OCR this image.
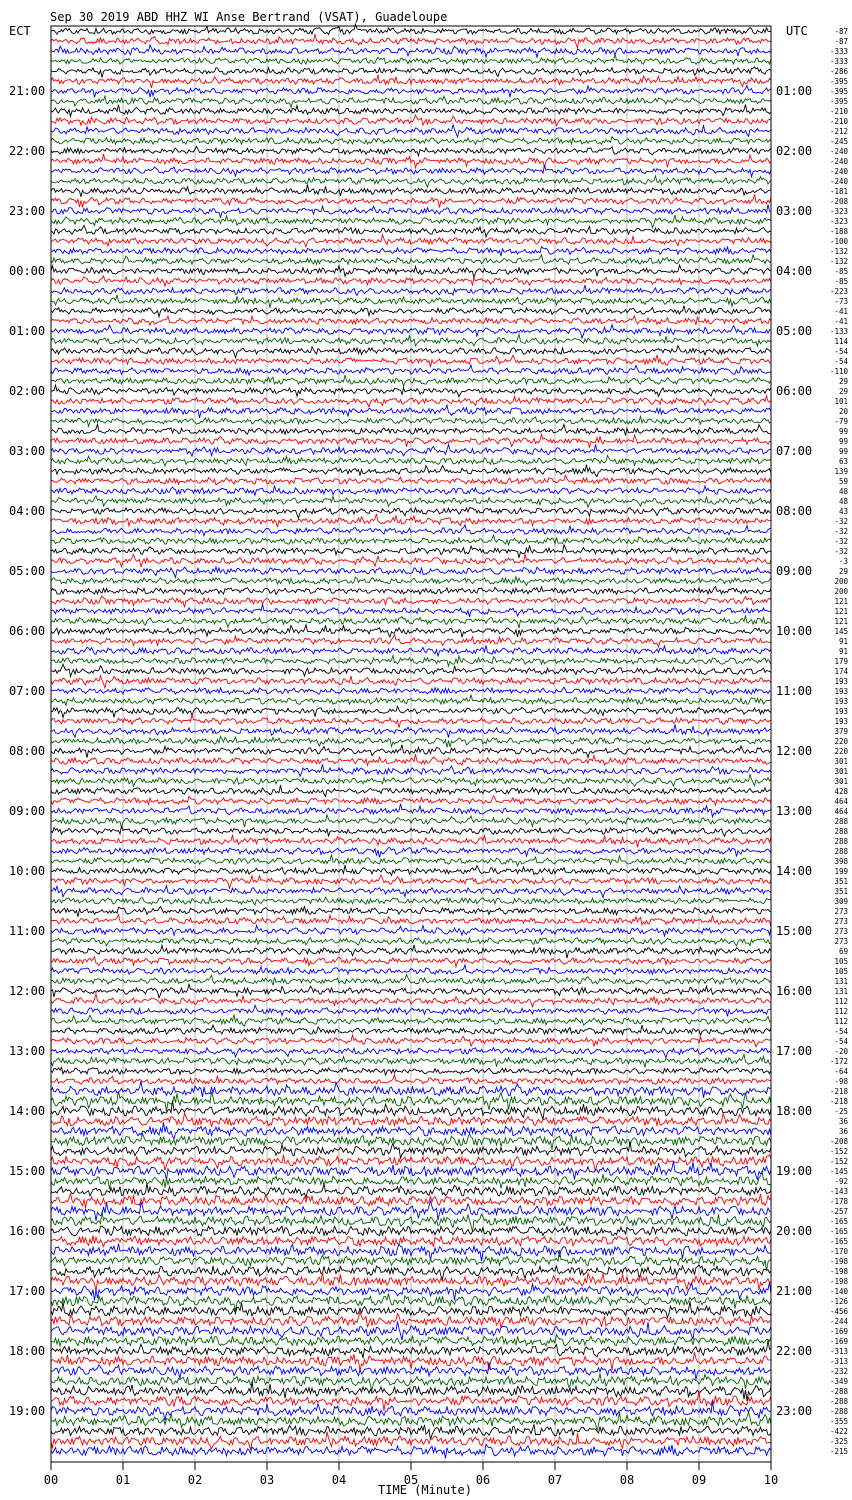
Sep 30 2019 ABD HHZ WI Anse Bertrand (VSAT), Guadeloupe
ECT	UTC
21:00
22:00
23:00
00:00
01:00
02:00
03:00
04:00
05:00
06:00
07:00
08:00
09:00
10:00
11:00
12:00
13:00
14:00
15:00
16:00
17:00
18:00
19:00
01:00
02:00
03:00
04:00
05:00
06:00
07:00
08:00
09:00
10:00
11:00
12:00
13:00
14:00
15:00
16:00
17:00
18:00
19:00
20:00
21:00
22:00
23:00
-87
-87
-333
-333
-286
-395
-395
-395
-210
-210
-212
-245
-240
-240
-240
-240
-181
-208
-323
-323
-188
-100
-132
-132
-85
-85
-223
-73
-41
-41
-133
114
-54
-54
-110
29
29
101
20
-79
99
99
99
63
139
59
48
48
43
-32
-32
-32
-32
-3
29
200
200
121
121
121
145
91
91
179
174
193
193
193
193
193
379
220
220
301
301
301
428
464
464
288
288
288
288
398
199
351
351
309
273
273
273
273
69
105
105
131
131
112
112
112
-54
-54
-20
-172
-64
-98
-218
-218
-25
36
36
-208
-152
-152
-145
-92
-143
-178
-257
-165
-165
-165
-170
-198
-198
-198
-140
-126
-456
-244
-169
-169
-313
-313
-232
-349
-288
-288
-288
-355
-422
-325
-215
00	01	02	03	04	05	06	07	08	09	10
TIME (Minute)
